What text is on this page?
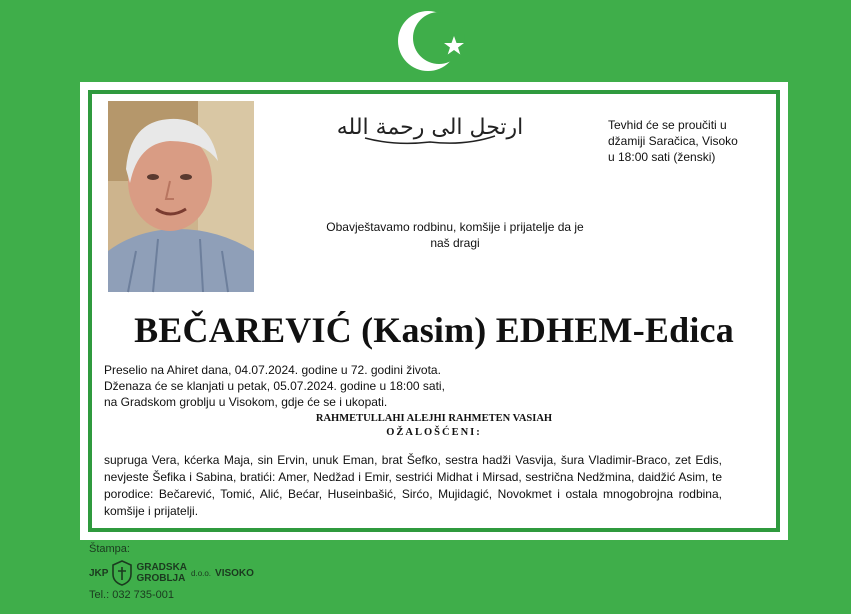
ارتحل الى رحمة الله	Tevhid će se proučiti u
džamiji Saračica, Visoko
u 18:00 sati (ženski)
Obavještavamo rodbinu, komšije i prijatelje da je
naš dragi
BEČAREVIĆ (Kasim) EDHEM-Edica
Preselio na Ahiret dana, 04.07.2024. godine u 72. godini života.
Dženaza će se klanjati u petak, 05.07.2024. godine u 18:00 sati,
na Gradskom groblju u Visokom, gdje će se i ukopati.
RAHMETULLAHI ALEJHI RAHMETEN VASIAH
OŽALOŠĆENI:
supruga Vera, kćerka Maja, sin Ervin, unuk Eman, brat Šefko, sestra hadži Vasvija, šura Vladimir-Braco, zet Edis, nevjeste Šefika i Sabina, bratići: Amer, Nedžad i Emir, sestrići Midhat i Mirsad, sestrična Nedžmina, daidžić Asim, te porodice: Bečarević, Tomić, Alić, Bećar, Huseinbašić, Sirćo, Mujidagić, Novokmet i ostala mnogobrojna rodbina, komšije i prijatelji.
Štampa:
JKP	GRADSKA
GROBLJA d.o.o. VISOKO
Tel.: 032 735-001
